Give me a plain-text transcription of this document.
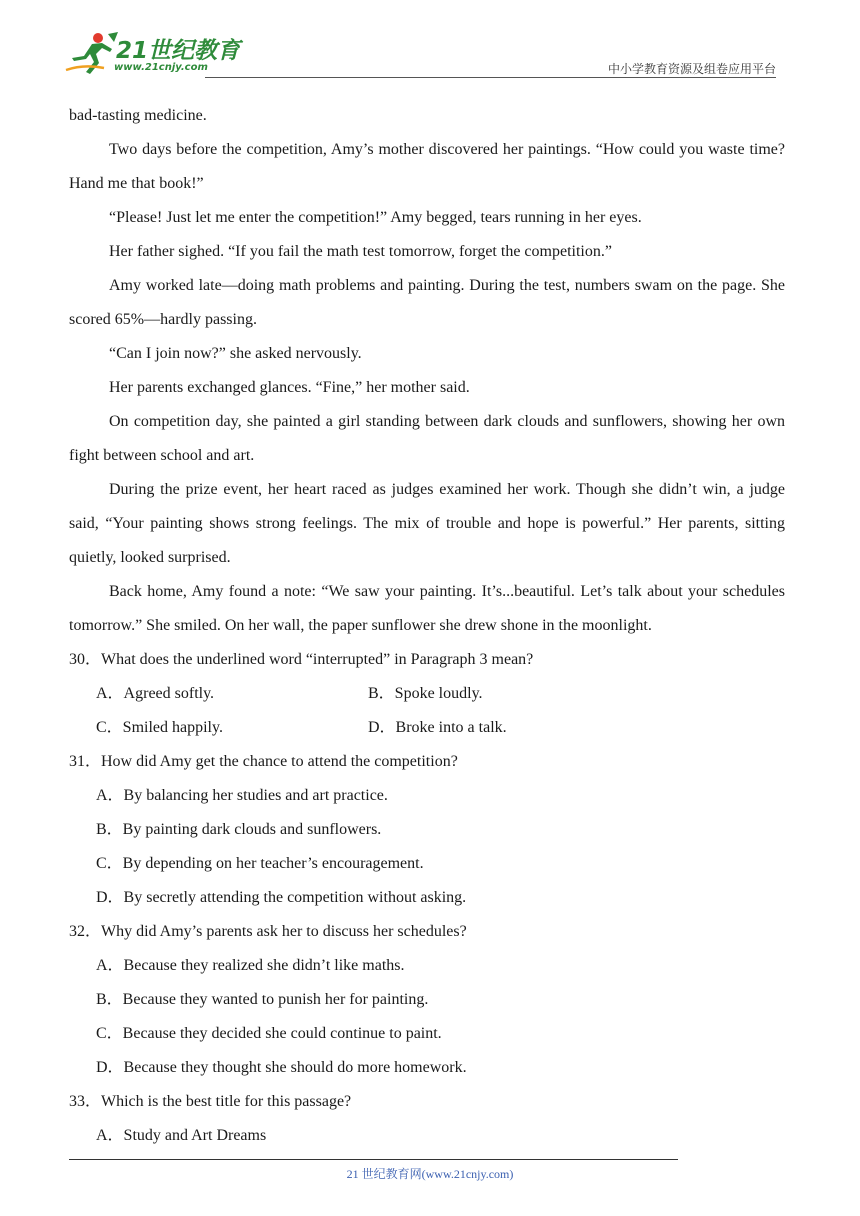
21世纪教育
www.21cnjy.com	中小学教育资源及组卷应用平台

bad-tasting medicine.

Two days before the competition, Amy’s mother discovered her paintings. “How could you waste time? Hand me that book!”

“Please! Just let me enter the competition!” Amy begged, tears running in her eyes.

Her father sighed. “If you fail the math test tomorrow, forget the competition.”

Amy worked late—doing math problems and painting. During the test, numbers swam on the page. She scored 65%—hardly passing.

“Can I join now?” she asked nervously.

Her parents exchanged glances. “Fine,” her mother said.

On competition day, she painted a girl standing between dark clouds and sunflowers, showing her own fight between school and art.

During the prize event, her heart raced as judges examined her work. Though she didn’t win, a judge said, “Your painting shows strong feelings. The mix of trouble and hope is powerful.” Her parents, sitting quietly, looked surprised.

Back home, Amy found a note: “We saw your painting. It’s...beautiful. Let’s talk about your schedules tomorrow.” She smiled. On her wall, the paper sunflower she drew shone in the moonlight.

30．What does the underlined word “interrupted” in Paragraph 3 mean?

A．Agreed softly.	B．Spoke loudly.
C．Smiled happily.	D．Broke into a talk.

31．How did Amy get the chance to attend the competition?

A．By balancing her studies and art practice.
B．By painting dark clouds and sunflowers.
C．By depending on her teacher’s encouragement.
D．By secretly attending the competition without asking.

32．Why did Amy’s parents ask her to discuss her schedules?

A．Because they realized she didn’t like maths.
B．Because they wanted to punish her for painting.
C．Because they decided she could continue to paint.
D．Because they thought she should do more homework.

33．Which is the best title for this passage?

A．Study and Art Dreams
21 世纪教育网(www.21cnjy.com)
